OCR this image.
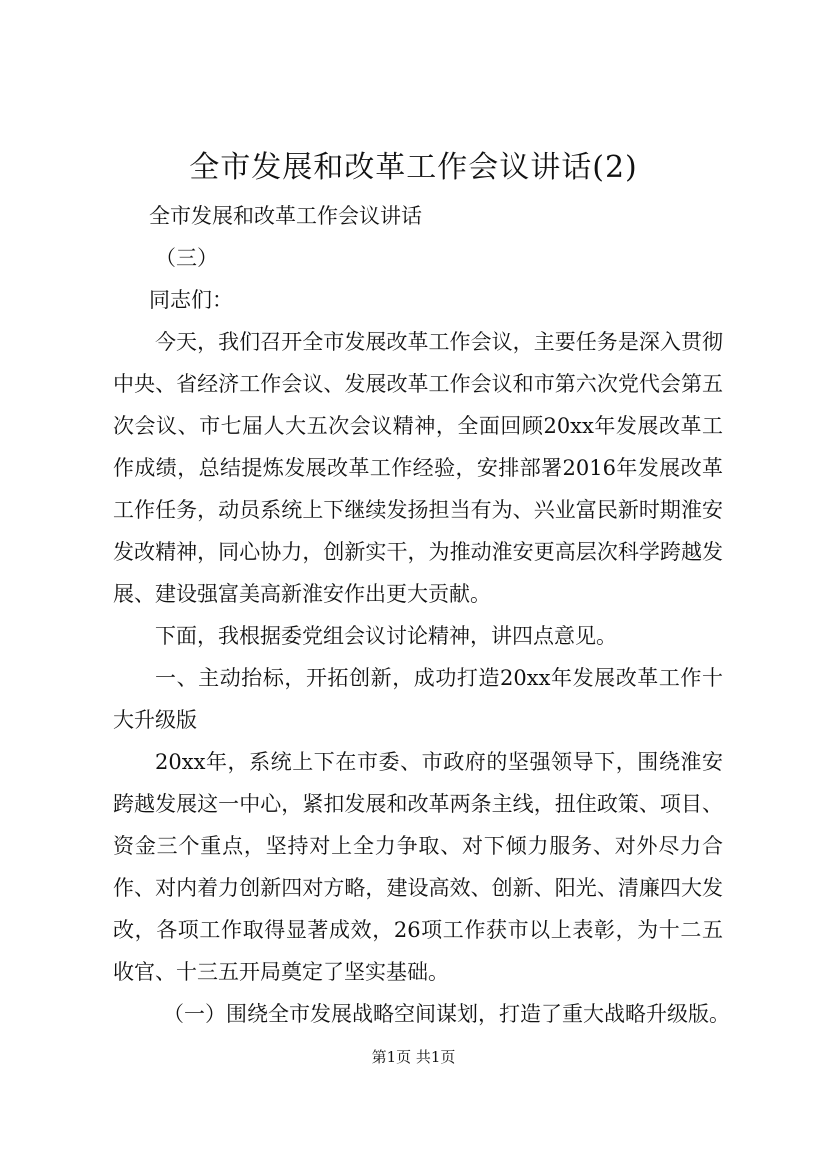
全市发展和改革工作会议讲话(2)

全市发展和改革工作会议讲话

（三）

同志们：

今天，我们召开全市发展改革工作会议，主要任务是深入贯彻中央、省经济工作会议、发展改革工作会议和市第六次党代会第五次会议、市七届人大五次会议精神，全面回顾20xx年发展改革工作成绩，总结提炼发展改革工作经验，安排部署2016年发展改革工作任务，动员系统上下继续发扬担当有为、兴业富民新时期淮安发改精神，同心协力，创新实干，为推动淮安更高层次科学跨越发展、建设强富美高新淮安作出更大贡献。

下面，我根据委党组会议讨论精神，讲四点意见。

一、主动抬标，开拓创新，成功打造20xx年发展改革工作十大升级版

20xx年，系统上下在市委、市政府的坚强领导下，围绕淮安跨越发展这一中心，紧扣发展和改革两条主线，扭住政策、项目、资金三个重点，坚持对上全力争取、对下倾力服务、对外尽力合作、对内着力创新四对方略，建设高效、创新、阳光、清廉四大发改，各项工作取得显著成效，26项工作获市以上表彰，为十二五收官、十三五开局奠定了坚实基础。

（一）围绕全市发展战略空间谋划，打造了重大战略升级版。

第1页 共1页
